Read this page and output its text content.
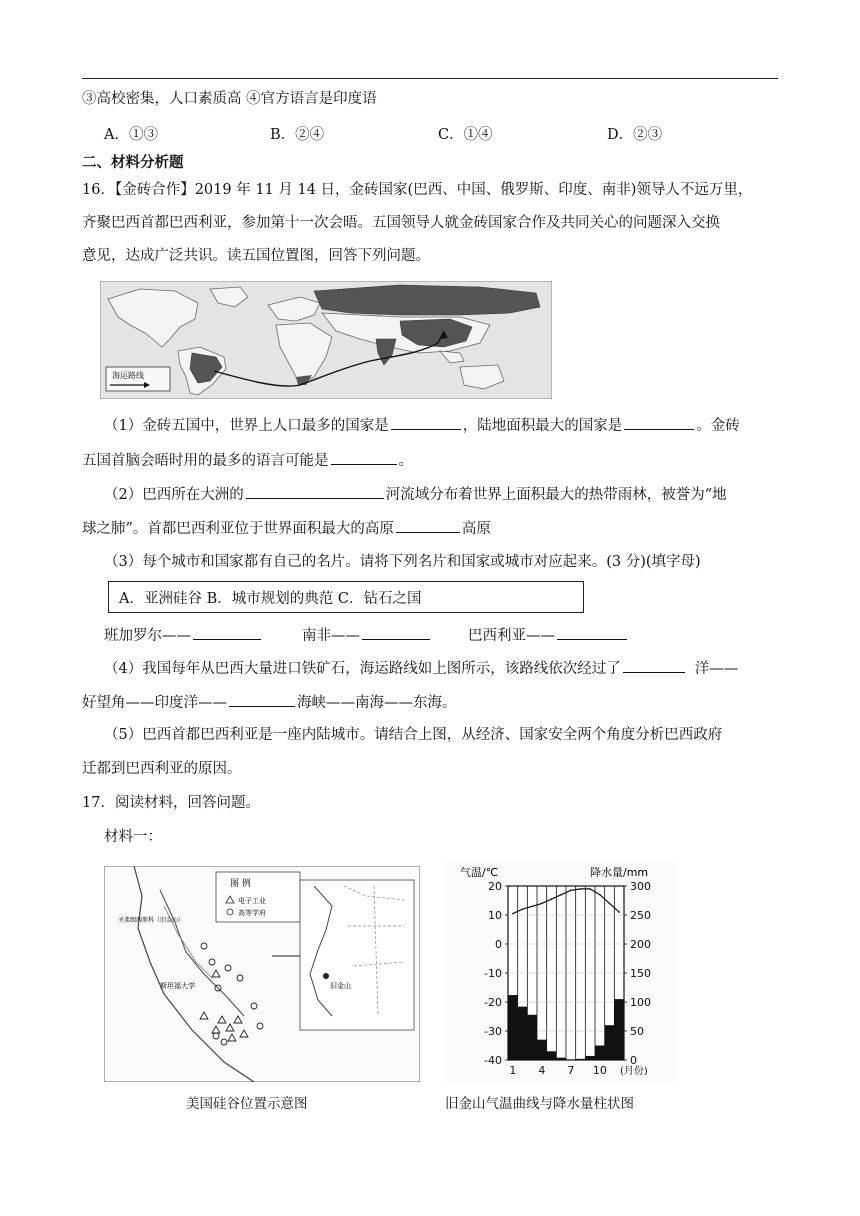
③高校密集，人口素质高 ④官方语言是印度语
A．①③	B．②④	C．①④	D．②③
二、材料分析题
16．【金砖合作】2019 年 11 月 14 日，金砖国家(巴西、中国、俄罗斯、印度、南非)领导人不远万里，
齐聚巴西首都巴西利亚，参加第十一次会晤。五国领导人就金砖国家合作及共同关心的问题深入交换
意见，达成广泛共识。读五国位置图，回答下列问题。
海运路线
（1）金砖五国中，世界上人口最多的国家是	，陆地面积最大的国家是	。金砖
五国首脑会晤时用的最多的语言可能是	。
（2）巴西所在大洲的	河流域分布着世界上面积最大的热带雨林，被誉为“地
球之肺”。首都巴西利亚位于世界面积最大的高原	高原
（3）每个城市和国家都有自己的名片。请将下列名片和国家或城市对应起来。(3 分)(填字母)
A．亚洲硅谷 B．城市规划的典范 C．钻石之国
班加罗尔——	南非——	巴西利亚——
（4）我国每年从巴西大量进口铁矿石，海运路线如上图所示，该路线依次经过了	洋——
好望角——印度洋——	海峡——南海——东海。
（5）巴西首都巴西利亚是一座内陆城市。请结合上图，从经济、国家安全两个角度分析巴西政府
迁都到巴西利亚的原因。
17．阅读材料，回答问题。
材料一：
图 例
电子工业
高等学府
圣弗朗西斯科（旧金山）
斯坦福大学	旧金山
美国硅谷位置示意图
气温/℃	降水量/mm
20
10
0
-10
-20
-30
-40
300
250
200
150
100
50
0
1 4 7 10 (月份)
旧金山气温曲线与降水量柱状图
